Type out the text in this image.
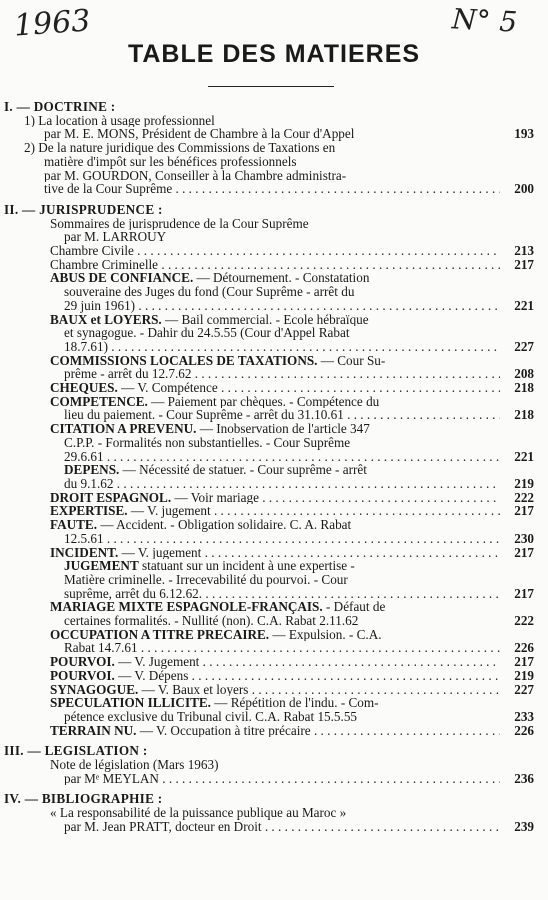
1963	N° 5
TABLE DES MATIERES
I. — DOCTRINE :
1) La location à usage professionnel
par M. E. MONS, Président de Chambre à la Cour d'Appel	193
2) De la nature juridique des Commissions de Taxations en
matière d'impôt sur les bénéfices professionnels
par M. GOURDON, Conseiller à la Chambre administra-
tive de la Cour Suprême . . .	200
II. — JURISPRUDENCE :
Sommaires de jurisprudence de la Cour Suprême
par M. LARROUY
Chambre Civile . . .	213
Chambre Criminelle . . .	217
ABUS DE CONFIANCE. — Détournement. - Constatation
souveraine des Juges du fond (Cour Suprême - arrêt du
29 juin 1961) . . .	221
BAUX et LOYERS. — Bail commercial. - Ecole hébraïque
et synagogue. - Dahir du 24.5.55 (Cour d'Appel Rabat
18.7.61) . . .	227
COMMISSIONS LOCALES DE TAXATIONS. — Cour Su-
prême - arrêt du 12.7.62 . . .	208
CHEQUES. — V. Compétence . . .	218
COMPETENCE. — Paiement par chèques. - Compétence du
lieu du paiement. - Cour Suprême - arrêt du 31.10.61 . . .	218
CITATION A PREVENU. — Inobservation de l'article 347
C.P.P. - Formalités non substantielles. - Cour Suprême
29.6.61 . . .	221
DEPENS. — Nécessité de statuer. - Cour suprême - arrêt
du 9.1.62 . . .	219
DROIT ESPAGNOL. — Voir mariage . . .	222
EXPERTISE. — V. jugement . . .	217
FAUTE. — Accident. - Obligation solidaire. C. A. Rabat
12.5.61 . . .	230
INCIDENT. — V. jugement . . .	217
JUGEMENT statuant sur un incident à une expertise -
Matière criminelle. - Irrecevabilité du pourvoi. - Cour
suprême, arrêt du 6.12.62. . . .	217
MARIAGE MIXTE ESPAGNOLE-FRANÇAIS. - Défaut de
certaines formalités. - Nullité (non). C.A. Rabat 2.11.62	222
OCCUPATION A TITRE PRECAIRE. — Expulsion. - C.A.
Rabat 14.7.61 . . .	226
POURVOI. — V. Jugement . . .	217
POURVOI. — V. Dépens . . .	219
SYNAGOGUE. — V. Baux et loyers . . .	227
SPECULATION ILLICITE. — Répétition de l'indu. - Com-
pétence exclusive du Tribunal civil. C.A. Rabat 15.5.55	233
TERRAIN NU. — V. Occupation à titre précaire . . .	226
III. — LEGISLATION :
Note de législation (Mars 1963)
par Mᵉ MEYLAN . . .	236
IV. — BIBLIOGRAPHIE :
« La responsabilité de la puissance publique au Maroc »
par M. Jean PRATT, docteur en Droit . . .	239
